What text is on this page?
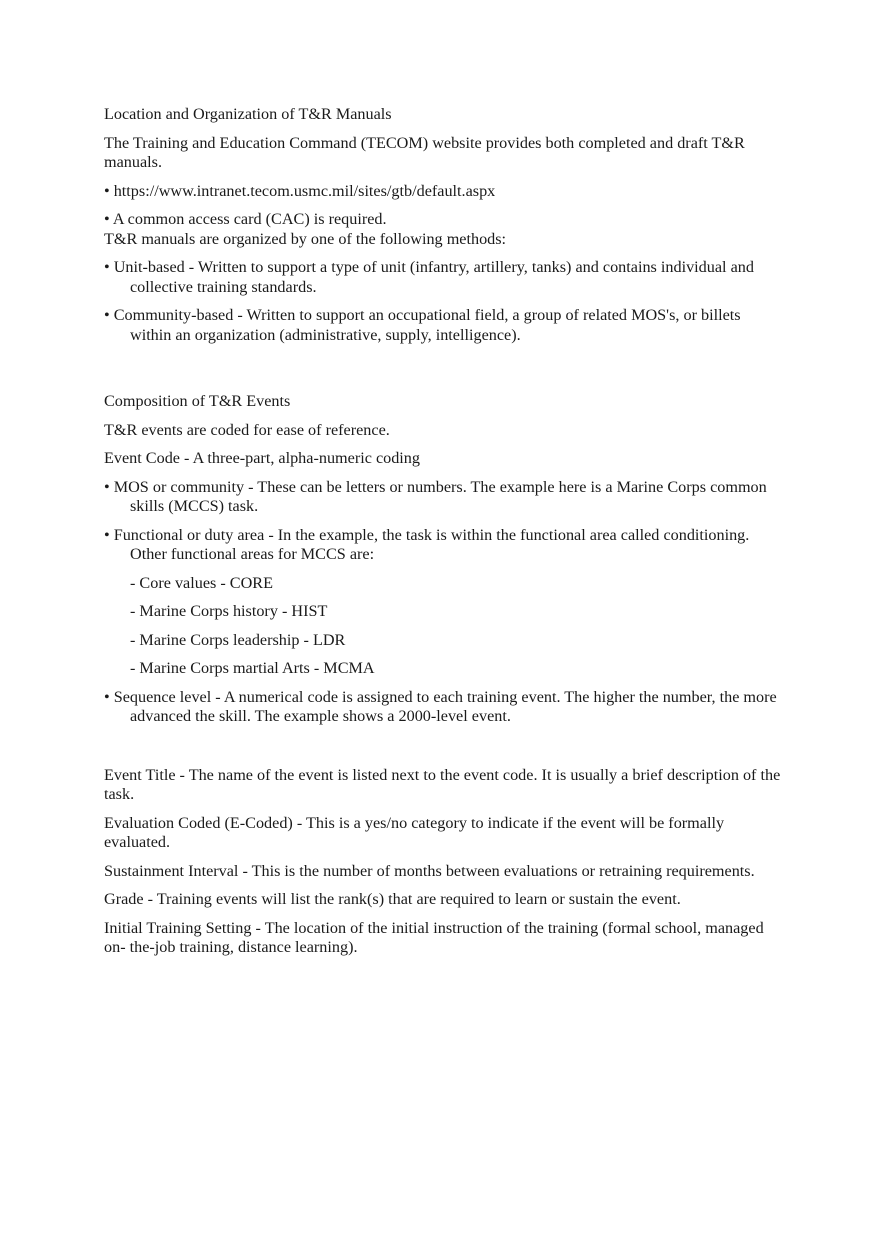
Location and Organization of T&R Manuals
The Training and Education Command (TECOM) website provides both completed and draft T&R manuals.
• https://www.intranet.tecom.usmc.mil/sites/gtb/default.aspx
• A common access card (CAC) is required.
T&R manuals are organized by one of the following methods:
• Unit-based - Written to support a type of unit (infantry, artillery, tanks) and contains individual and collective training standards.
• Community-based - Written to support an occupational field, a group of related MOS's, or billets within an organization (administrative, supply, intelligence).
Composition of T&R Events
T&R events are coded for ease of reference.
Event Code - A three-part, alpha-numeric coding
• MOS or community - These can be letters or numbers. The example here is a Marine Corps common skills (MCCS) task.
• Functional or duty area - In the example, the task is within the functional area called conditioning. Other functional areas for MCCS are:
- Core values - CORE
- Marine Corps history - HIST
- Marine Corps leadership - LDR
- Marine Corps martial Arts - MCMA
• Sequence level - A numerical code is assigned to each training event. The higher the number, the more advanced the skill. The example shows a 2000-level event.
Event Title - The name of the event is listed next to the event code. It is usually a brief description of the task.
Evaluation Coded (E-Coded) - This is a yes/no category to indicate if the event will be formally evaluated.
Sustainment Interval - This is the number of months between evaluations or retraining requirements.
Grade - Training events will list the rank(s) that are required to learn or sustain the event.
Initial Training Setting - The location of the initial instruction of the training (formal school, managed on- the-job training, distance learning).
